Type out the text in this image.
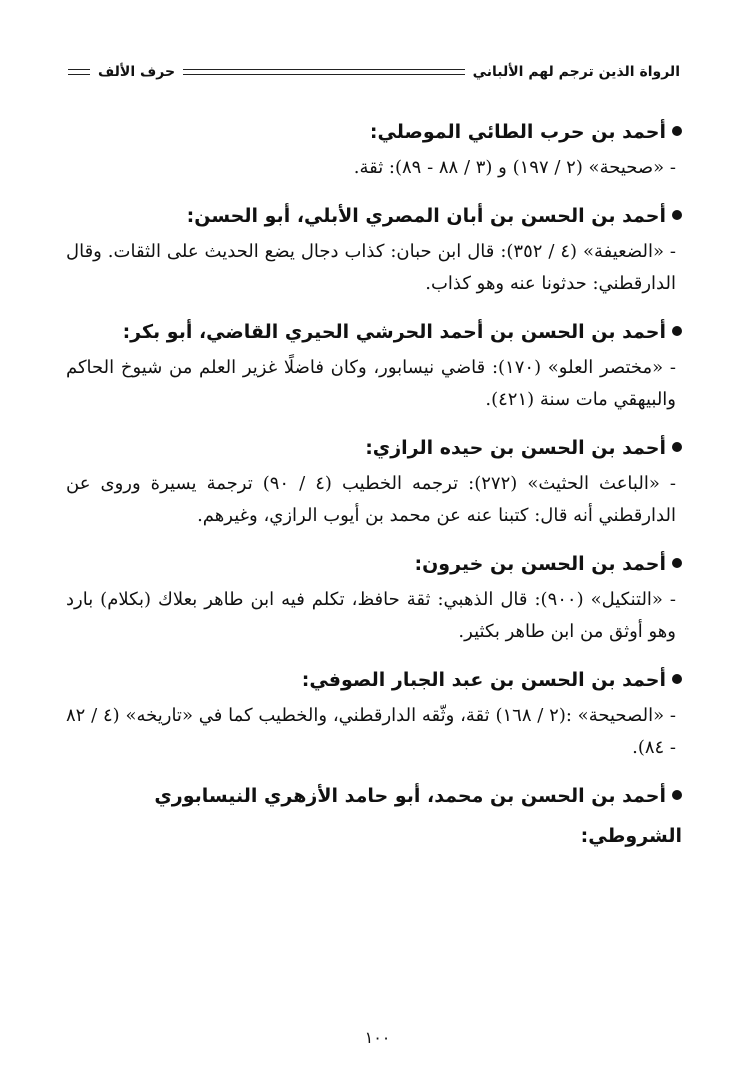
الرواة الذين ترجم لهم الألباني
حرف الألف

أحمد بن حرب الطائي الموصلي:

- «صحيحة» (٢ / ١٩٧) و (٣ / ٨٨ - ٨٩): ثقة.

أحمد بن الحسن بن أبان المصري الأبلي، أبو الحسن:

- «الضعيفة» (٤ / ٣٥٢): قال ابن حبان: كذاب دجال يضع الحديث على الثقات. وقال الدارقطني: حدثونا عنه وهو كذاب.

أحمد بن الحسن بن أحمد الحرشي الحيري القاضي، أبو بكر:

- «مختصر العلو» (١٧٠): قاضي نيسابور، وكان فاضلًا غزير العلم من شيوخ الحاكم والبيهقي مات سنة (٤٢١).

أحمد بن الحسن بن حيده الرازي:

- «الباعث الحثيث» (٢٧٢): ترجمه الخطيب (٤ / ٩٠) ترجمة يسيرة وروى عن الدارقطني أنه قال: كتبنا عنه عن محمد بن أيوب الرازي، وغيرهم.

أحمد بن الحسن بن خيرون:

- «التنكيل» (٩٠٠): قال الذهبي: ثقة حافظ، تكلم فيه ابن طاهر بعلاك (بكلام) بارد وهو أوثق من ابن طاهر بكثير.

أحمد بن الحسن بن عبد الجبار الصوفي:

- «الصحيحة» :(٢ / ١٦٨) ثقة، وثّقه الدارقطني، والخطيب كما في «تاريخه» (٤ / ٨٢ - ٨٤).

أحمد بن الحسن بن محمد، أبو حامد الأزهري النيسابوري الشروطي:

١٠٠
